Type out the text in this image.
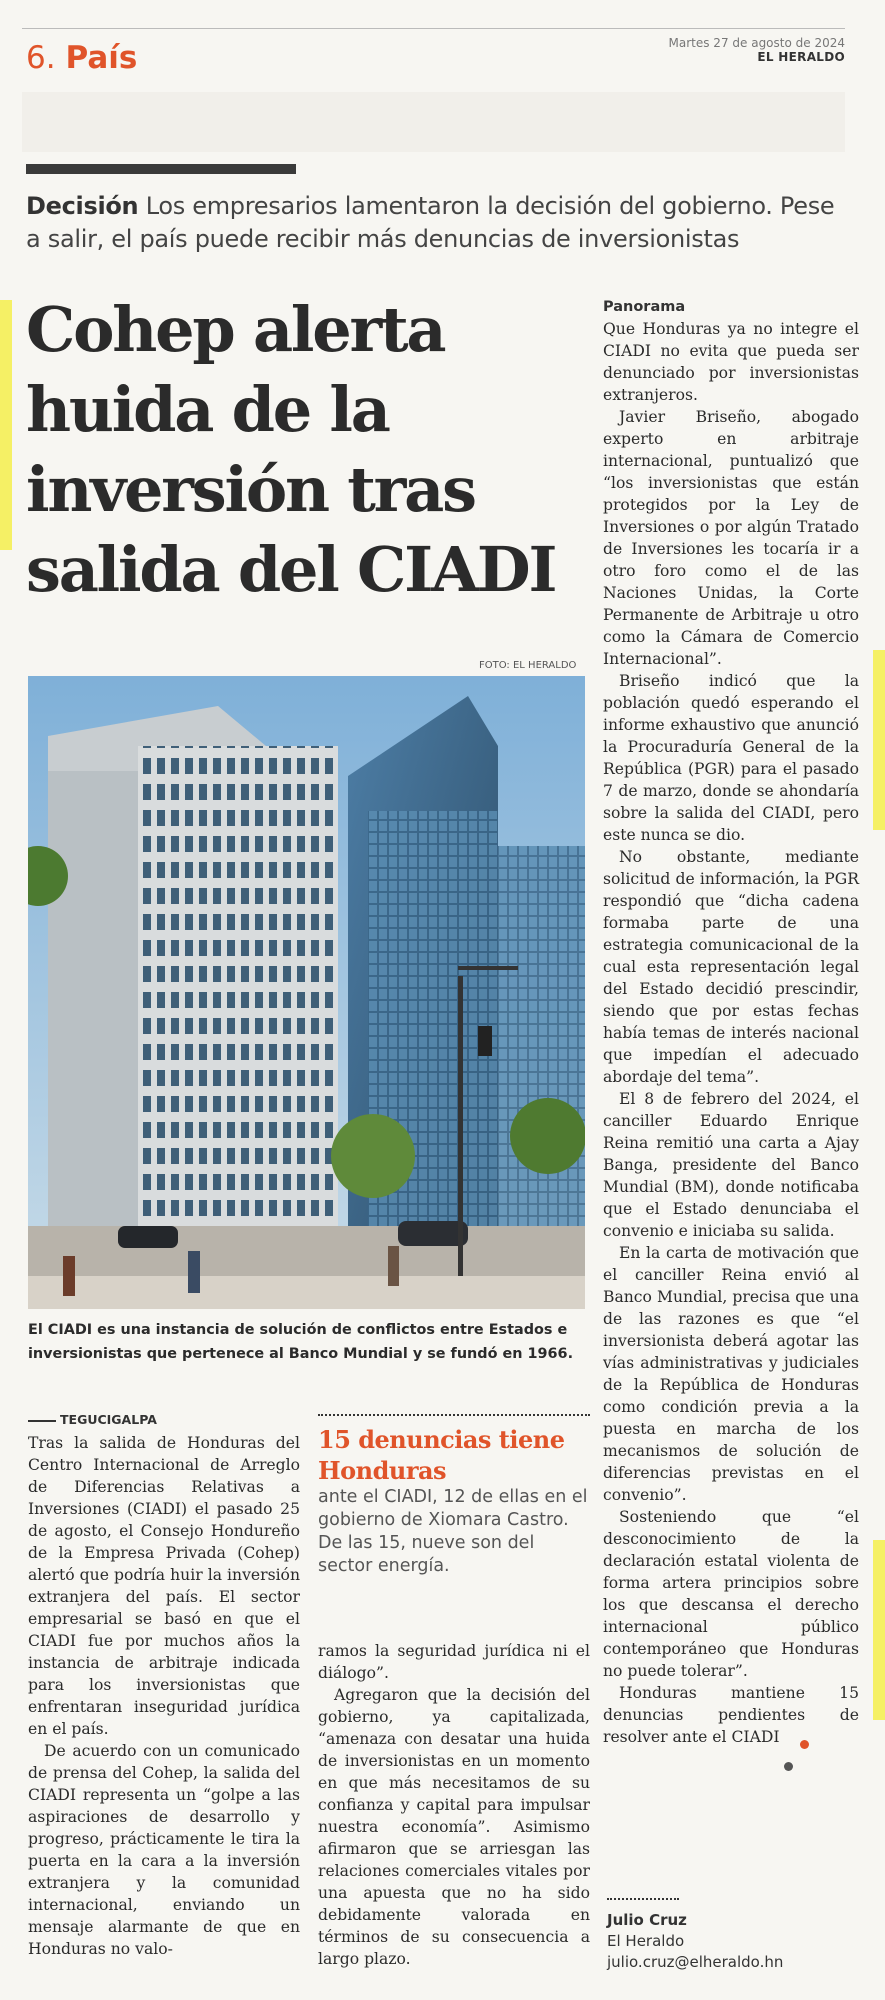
6. País	Martes 27 de agosto de 2024
EL HERALDO
Decisión Los empresarios lamentaron la decisión del gobierno. Pese a salir, el país puede recibir más denuncias de inversionistas
Cohep alerta huida de la inversión tras salida del CIADI
FOTO: EL HERALDO
El CIADI es una instancia de solución de conflictos entre Estados e inversionistas que pertenece al Banco Mundial y se fundó en 1966.
TEGUCIGALPA

Tras la salida de Honduras del Centro Internacional de Arreglo de Diferencias Relativas a Inversiones (CIADI) el pasado 25 de agosto, el Consejo Hondureño de la Empresa Privada (Cohep) alertó que podría huir la inversión extranjera del país. El sector empresarial se basó en que el CIADI fue por muchos años la instancia de arbitraje indicada para los inversionistas que enfrentaran inseguridad jurídica en el país.

De acuerdo con un comunicado de prensa del Cohep, la salida del CIADI representa un “golpe a las aspiraciones de desarrollo y progreso, prácticamente le tira la puerta en la cara a la inversión extranjera y la comunidad internacional, enviando un mensaje alarmante de que en Honduras no valo-

15 denuncias tiene Honduras
ante el CIADI, 12 de ellas en el gobierno de Xiomara Castro. De las 15, nueve son del sector energía.

ramos la seguridad jurídica ni el diálogo”.

Agregaron que la decisión del gobierno, ya capitalizada, “amenaza con desatar una huida de inversionistas en un momento en que más necesitamos de su confianza y capital para impulsar nuestra economía”. Asimismo afirmaron que se arriesgan las relaciones comerciales vitales por una apuesta que no ha sido debidamente valorada en términos de su consecuencia a largo plazo.

Panorama

Que Honduras ya no integre el CIADI no evita que pueda ser denunciado por inversionistas extranjeros.

Javier Briseño, abogado experto en arbitraje internacional, puntualizó que “los inversionistas que están protegidos por la Ley de Inversiones o por algún Tratado de Inversiones les tocaría ir a otro foro como el de las Naciones Unidas, la Corte Permanente de Arbitraje u otro como la Cámara de Comercio Internacional”.

Briseño indicó que la población quedó esperando el informe exhaustivo que anunció la Procuraduría General de la República (PGR) para el pasado 7 de marzo, donde se ahondaría sobre la salida del CIADI, pero este nunca se dio.

No obstante, mediante solicitud de información, la PGR respondió que “dicha cadena formaba parte de una estrategia comunicacional de la cual esta representación legal del Estado decidió prescindir, siendo que por estas fechas había temas de interés nacional que impedían el adecuado abordaje del tema”.

El 8 de febrero del 2024, el canciller Eduardo Enrique Reina remitió una carta a Ajay Banga, presidente del Banco Mundial (BM), donde notificaba que el Estado denunciaba el convenio e iniciaba su salida.

En la carta de motivación que el canciller Reina envió al Banco Mundial, precisa que una de las razones es que “el inversionista deberá agotar las vías administrativas y judiciales de la República de Honduras como condición previa a la puesta en marcha de los mecanismos de solución de diferencias previstas en el convenio”.

Sosteniendo que “el desconocimiento de la declaración estatal violenta de forma artera principios sobre los que descansa el derecho internacional público contemporáneo que Honduras no puede tolerar”.

Honduras mantiene 15 denuncias pendientes de resolver ante el CIADI

Julio Cruz
El Heraldo
julio.cruz@elheraldo.hn
